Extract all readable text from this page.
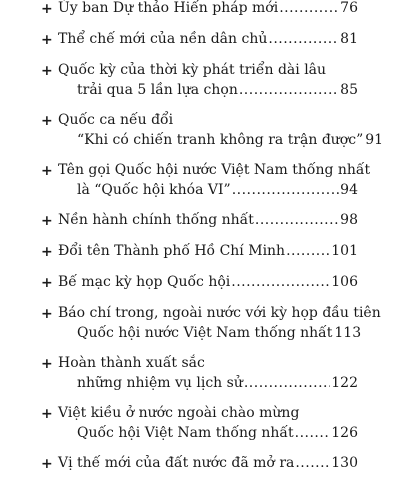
+ Ủy ban Dự thảo Hiến pháp mới .....	76
+ Thể chế mới của nền dân chủ .....	81
+ Quốc kỳ của thời kỳ phát triển dài lâu
trải qua 5 lần lựa chọn .....	85
+ Quốc ca nếu đổi
“Khi có chiến tranh không ra trận được” 91
+ Tên gọi Quốc hội nước Việt Nam thống nhất
là “Quốc hội khóa VI” .....	94
+ Nền hành chính thống nhất .....	98
+ Đổi tên Thành phố Hồ Chí Minh .....	101
+ Bế mạc kỳ họp Quốc hội .....	106
+ Báo chí trong, ngoài nước với kỳ họp đầu tiên
Quốc hội nước Việt Nam thống nhất 113
+ Hoàn thành xuất sắc
những nhiệm vụ lịch sử .....	122
+ Việt kiều ở nước ngoài chào mừng
Quốc hội Việt Nam thống nhất .....	126
+ Vị thế mới của đất nước đã mở ra .....	130
